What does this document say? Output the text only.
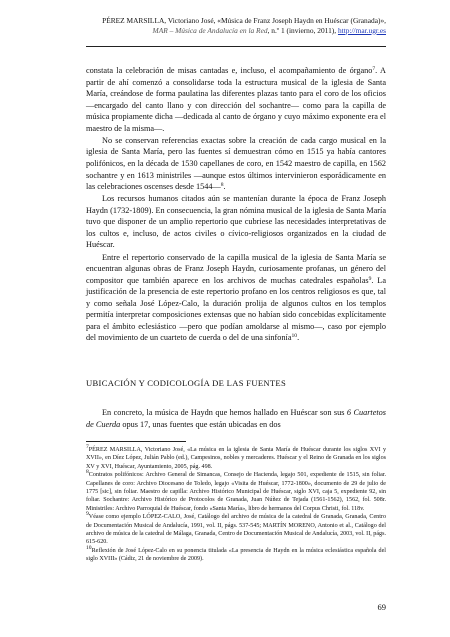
PÉREZ MARSILLA, Victoriano José, «Música de Franz Joseph Haydn en Huéscar (Granada)»,
MAR – Música de Andalucía en la Red, n.º 1 (invierno, 2011), http://mar.ugr.es

constata la celebración de misas cantadas e, incluso, el acompañamiento de órgano$^7$. A partir de ahí comenzó a consolidarse toda la estructura musical de la iglesia de Santa María, creándose de forma paulatina las diferentes plazas tanto para el coro de los oficios —encargado del canto llano y con dirección del sochantre— como para la capilla de música propiamente dicha —dedicada al canto de órgano y cuyo máximo exponente era el maestro de la misma—.

No se conservan referencias exactas sobre la creación de cada cargo musical en la iglesia de Santa María, pero las fuentes sí demuestran cómo en 1515 ya había cantores polifónicos, en la década de 1530 capellanes de coro, en 1542 maestro de capilla, en 1562 sochantre y en 1613 ministriles —aunque estos últimos intervinieron esporádicamente en las celebraciones oscenses desde 1544—$^8$.

Los recursos humanos citados aún se mantenían durante la época de Franz Joseph Haydn (1732-1809). En consecuencia, la gran nómina musical de la iglesia de Santa María tuvo que disponer de un amplio repertorio que cubriese las necesidades interpretativas de los cultos e, incluso, de actos civiles o cívico-religiosos organizados en la ciudad de Huéscar.

Entre el repertorio conservado de la capilla musical de la iglesia de Santa María se encuentran algunas obras de Franz Joseph Haydn, curiosamente profanas, un género del compositor que también aparece en los archivos de muchas catedrales españolas$^9$. La justificación de la presencia de este repertorio profano en los centros religiosos es que, tal y como señala José López-Calo, la duración prolija de algunos cultos en los templos permitía interpretar composiciones extensas que no habían sido concebidas explícitamente para el ámbito eclesiástico —pero que podían amoldarse al mismo—, caso por ejemplo del movimiento de un cuarteto de cuerda o del de una sinfonía$^{10}$.

UBICACIÓN Y CODICOLOGÍA DE LAS FUENTES

En concreto, la música de Haydn que hemos hallado en Huéscar son sus 6 Cuartetos de Cuerda opus 17, unas fuentes que están ubicadas en dos

$^7$PÉREZ MARSILLA, Victoriano José, «La música en la iglesia de Santa María de Huéscar durante los siglos XVI y XVII», en Díez López, Julián Pablo (ed.), Campesinos, nobles y mercaderes. Huéscar y el Reino de Granada en los siglos XV y XVI, Huéscar, Ayuntamiento, 2005, pág. 498.

$^8$Contratos polifónicos: Archivo General de Simancas, Consejo de Hacienda, legajo 501, expediente de 1515, sin foliar. Capellanes de coro: Archivo Diocesano de Toledo, legajo «Visita de Huéscar, 1772-1800», documento de 29 de julio de 1775 [sic], sin foliar. Maestro de capilla: Archivo Histórico Municipal de Huéscar, siglo XVI, caja 5, expediente 92, sin foliar. Sochantre: Archivo Histórico de Protocolos de Granada, Juan Núñez de Tejada (1561-1562), 1562, fol. 508r. Ministriles: Archivo Parroquial de Huéscar, fondo «Santa María», libro de hermanos del Corpus Christi, fol. 118v.

$^9$Véase como ejemplo LÓPEZ-CALO, José, Catálogo del archivo de música de la catedral de Granada, Granada, Centro de Documentación Musical de Andalucía, 1991, vol. II, págs. 537-545; MARTÍN MORENO, Antonio et al., Catálogo del archivo de música de la catedral de Málaga, Granada, Centro de Documentación Musical de Andalucía, 2003, vol. II, págs. 615-620.

$^{10}$Reflexión de José López-Calo en su ponencia titulada «La presencia de Haydn en la música eclesiástica española del siglo XVIII» (Cádiz, 21 de noviembre de 2009).

69
